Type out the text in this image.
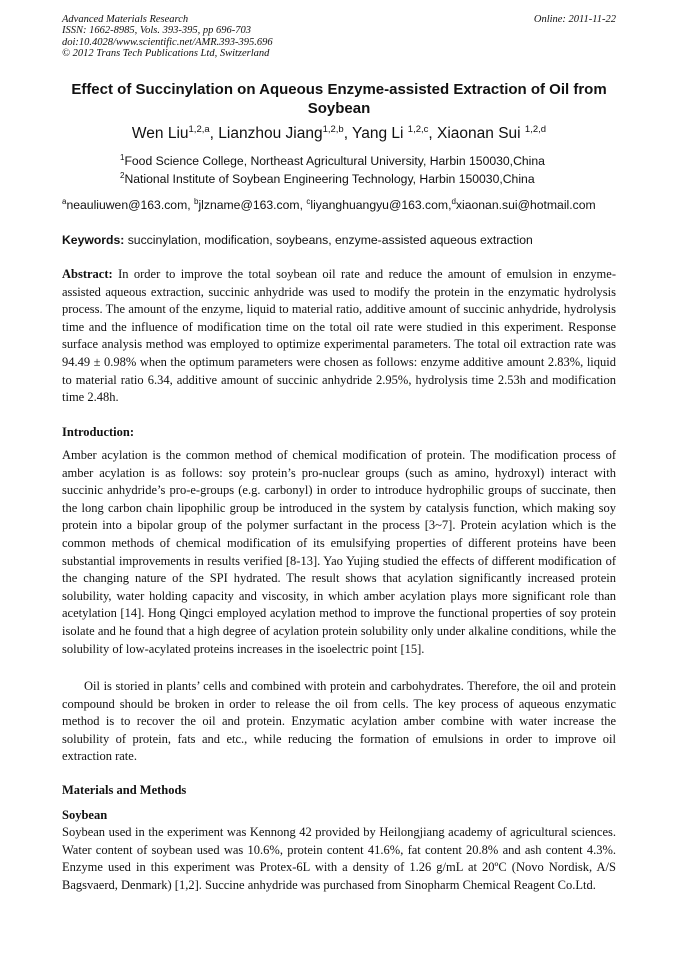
Advanced Materials Research
ISSN: 1662-8985, Vols. 393-395, pp 696-703
doi:10.4028/www.scientific.net/AMR.393-395.696
© 2012 Trans Tech Publications Ltd, Switzerland
Online: 2011-11-22
Effect of Succinylation on Aqueous Enzyme-assisted Extraction of Oil from Soybean
Wen Liu$^{1,2,a}$, Lianzhou Jiang$^{1,2,b}$, Yang Li $^{1,2,c}$, Xiaonan Sui $^{1,2,d}$
$^1$Food Science College, Northeast Agricultural University, Harbin 150030,China
$^2$National Institute of Soybean Engineering Technology, Harbin 150030,China
$^a$neauliuwen@163.com, $^b$jlzname@163.com, $^c$liyanghuangyu@163.com,$^d$xiaonan.sui@hotmail.com
Keywords: succinylation, modification, soybeans, enzyme-assisted aqueous extraction
Abstract: In order to improve the total soybean oil rate and reduce the amount of emulsion in enzyme-assisted aqueous extraction, succinic anhydride was used to modify the protein in the enzymatic hydrolysis process. The amount of the enzyme, liquid to material ratio, additive amount of succinic anhydride, hydrolysis time and the influence of modification time on the total oil rate were studied in this experiment. Response surface analysis method was employed to optimize experimental parameters. The total oil extraction rate was 94.49 ± 0.98% when the optimum parameters were chosen as follows: enzyme additive amount 2.83%, liquid to material ratio 6.34, additive amount of succinic anhydride 2.95%, hydrolysis time 2.53h and modification time 2.48h.
Introduction:
Amber acylation is the common method of chemical modification of protein. The modification process of amber acylation is as follows: soy protein’s pro-nuclear groups (such as amino, hydroxyl) interact with succinic anhydride’s pro-e-groups (e.g. carbonyl) in order to introduce hydrophilic groups of succinate, then the long carbon chain lipophilic group be introduced in the system by catalysis function, which making soy protein into a bipolar group of the polymer surfactant in the process [3~7]. Protein acylation which is the common methods of chemical modification of its emulsifying properties of different proteins have been substantial improvements in results verified [8-13]. Yao Yujing studied the effects of different modification of the changing nature of the SPI hydrated. The result shows that acylation significantly increased protein solubility, water holding capacity and viscosity, in which amber acylation plays more significant role than acetylation [14]. Hong Qingci employed acylation method to improve the functional properties of soy protein isolate and he found that a high degree of acylation protein solubility only under alkaline conditions, while the solubility of low-acylated proteins increases in the isoelectric point [15].
Oil is storied in plants’ cells and combined with protein and carbohydrates. Therefore, the oil and protein compound should be broken in order to release the oil from cells. The key process of aqueous enzymatic method is to recover the oil and protein. Enzymatic acylation amber combine with water increase the solubility of protein, fats and etc., while reducing the formation of emulsions in order to improve oil extraction rate.
Materials and Methods
Soybean
Soybean used in the experiment was Kennong 42 provided by Heilongjiang academy of agricultural sciences. Water content of soybean used was 10.6%, protein content 41.6%, fat content 20.8% and ash content 4.3%. Enzyme used in this experiment was Protex-6L with a density of 1.26 g/mL at 20ºC (Novo Nordisk, A/S Bagsvaerd, Denmark) [1,2]. Succine anhydride was purchased from Sinopharm Chemical Reagent Co.Ltd.
